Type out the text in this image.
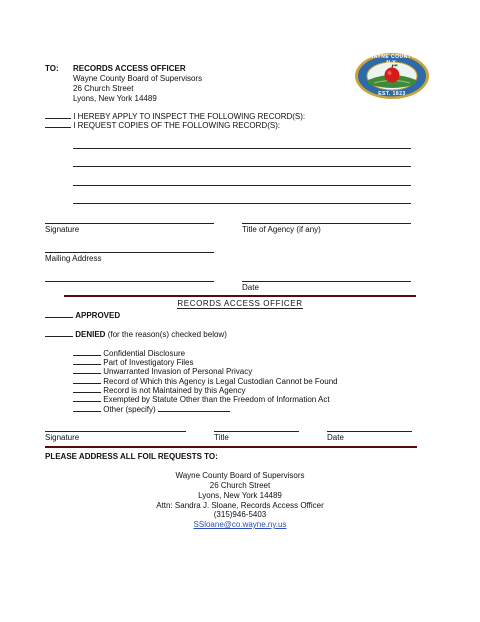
TO: RECORDS ACCESS OFFICER
Wayne County Board of Supervisors
26 Church Street
Lyons, New York 14489
WAYNE COUNTY N.Y.
EST. 1823
I HEREBY APPLY TO INSPECT THE FOLLOWING RECORD(S):
I REQUEST COPIES OF THE FOLLOWING RECORD(S):
Signature	Title of Agency (if any)
Mailing Address
Date
RECORDS ACCESS OFFICER
APPROVED
DENIED (for the reason(s) checked below)
Confidential Disclosure
Part of Investigatory Files
Unwarranted Invasion of Personal Privacy
Record of Which this Agency is Legal Custodian Cannot be Found
Record is not Maintained by this Agency
Exempted by Statute Other than the Freedom of Information Act
Other (specify)
Signature	Title	Date
PLEASE ADDRESS ALL FOIL REQUESTS TO:
Wayne County Board of Supervisors
26 Church Street
Lyons, New York 14489
Attn: Sandra J. Sloane, Records Access Officer
(315)946-5403
SSloane@co.wayne.ny.us
